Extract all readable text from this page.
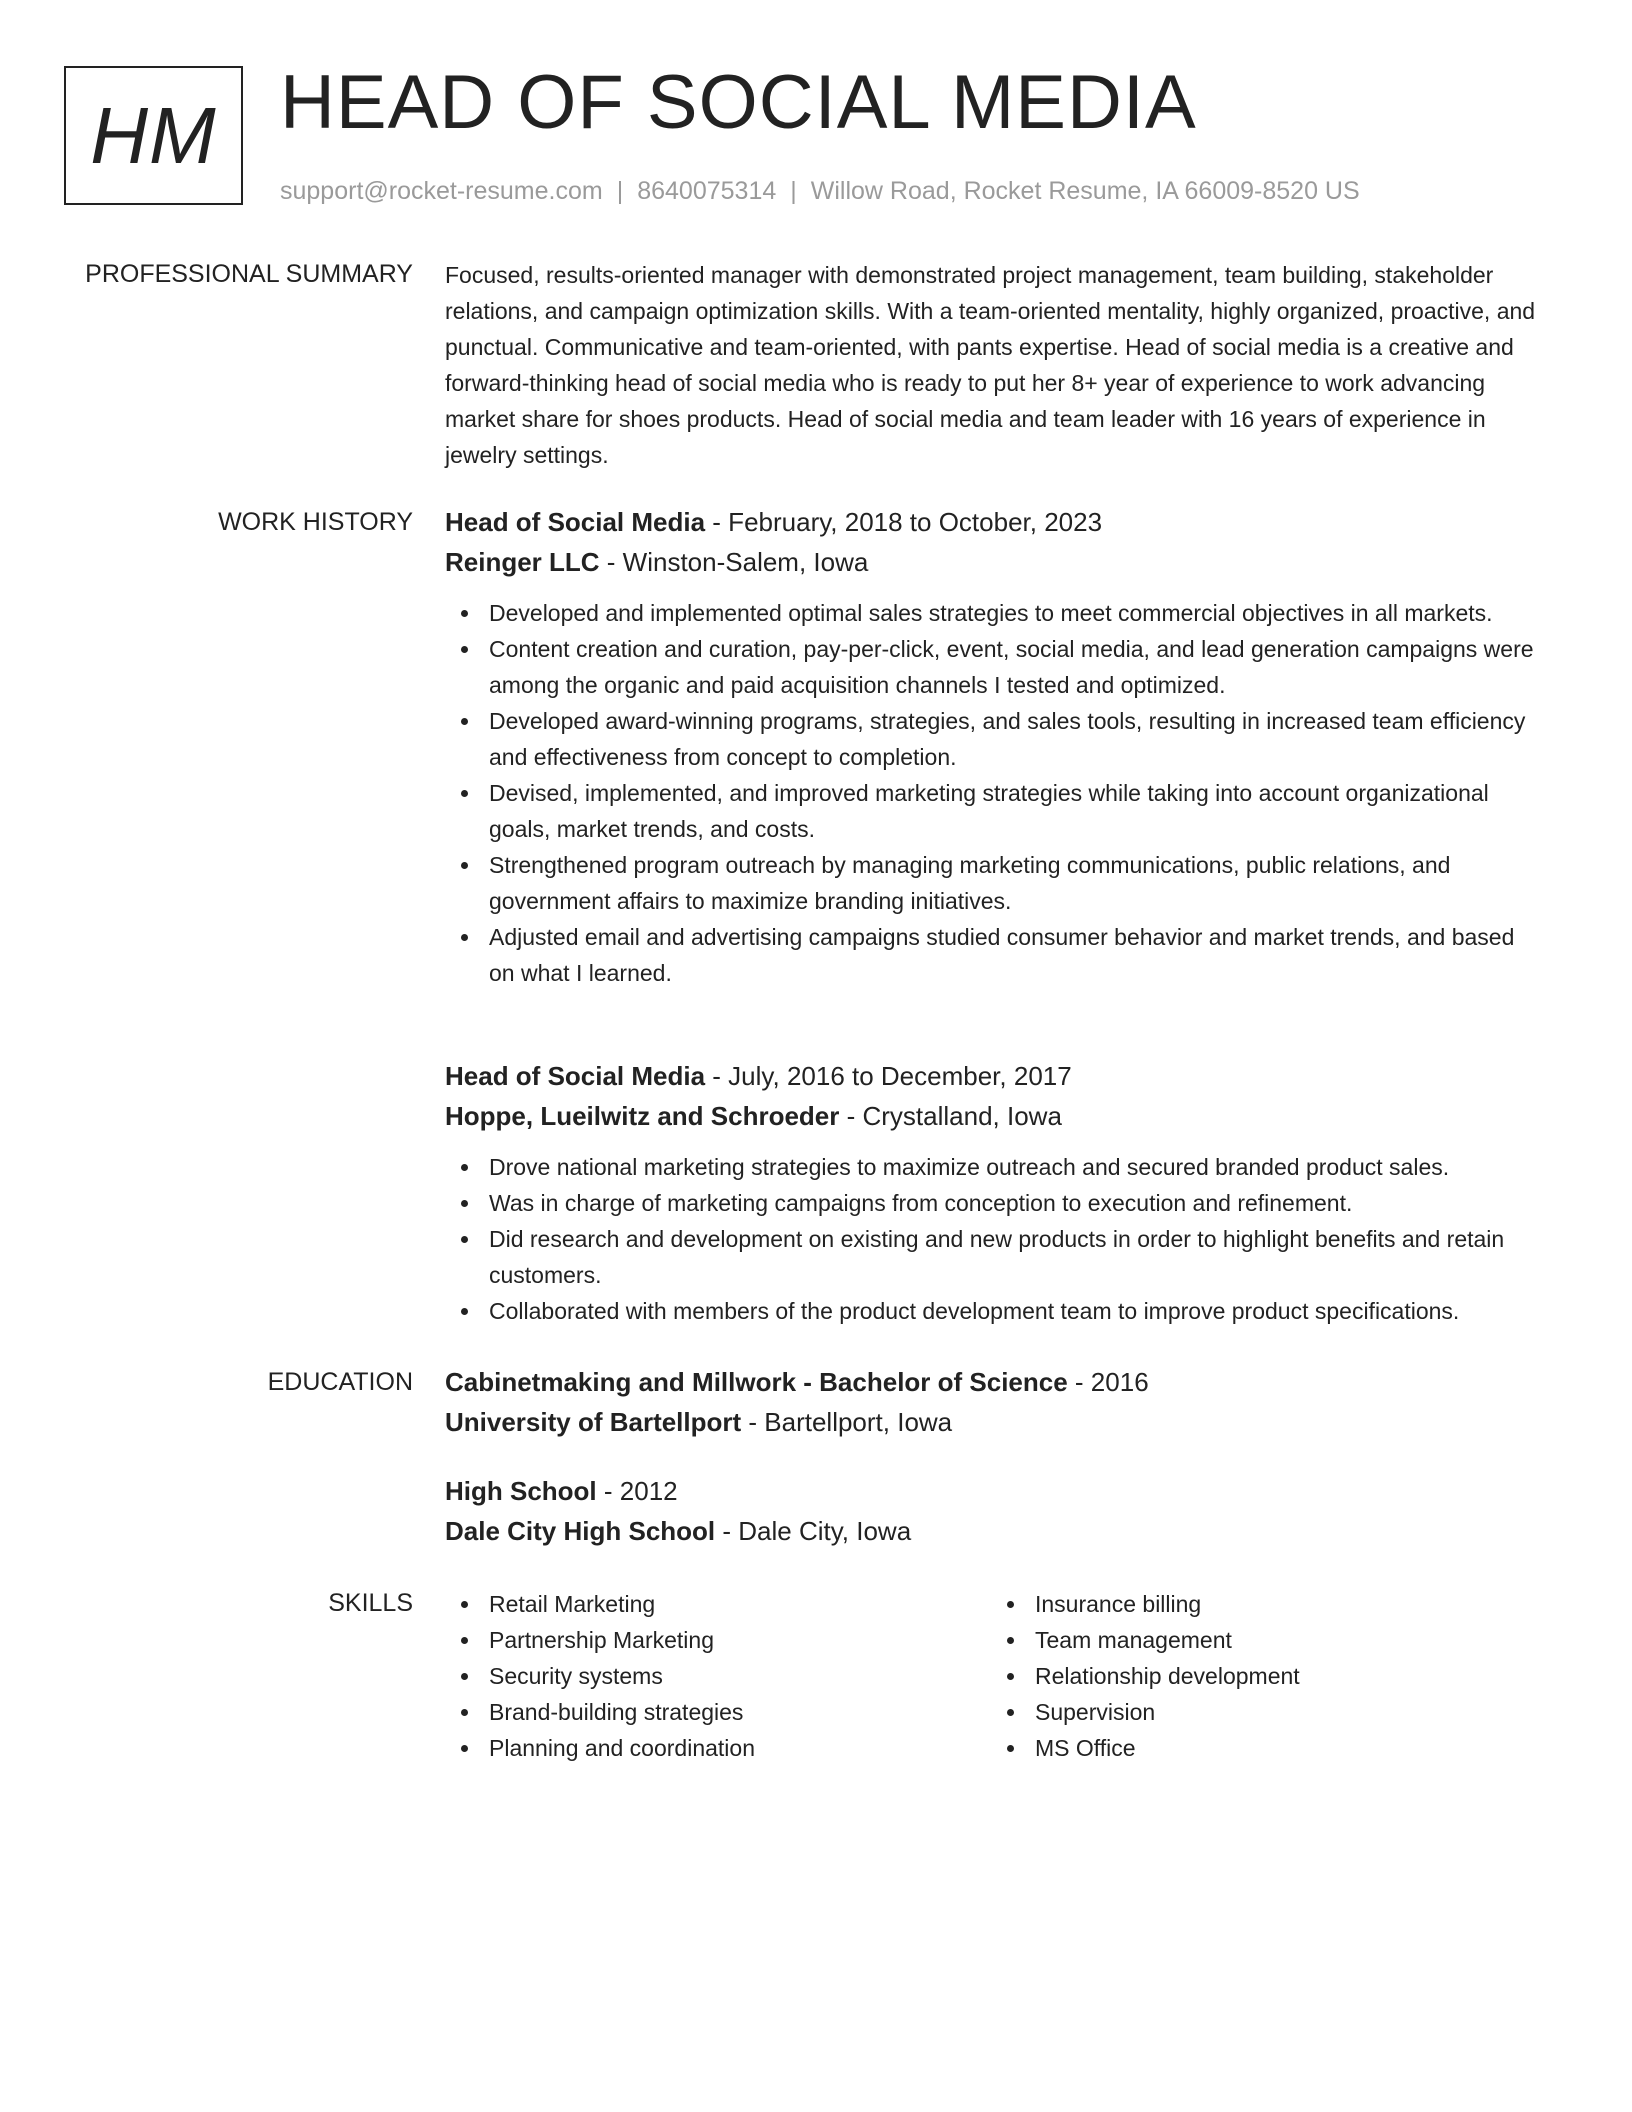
HM HEAD OF SOCIAL MEDIA
support@rocket-resume.com | 8640075314 | Willow Road, Rocket Resume, IA 66009-8520 US
PROFESSIONAL SUMMARY Focused, results-oriented manager with demonstrated project management, team building, stakeholder relations, and campaign optimization skills. With a team-oriented mentality, highly organized, proactive, and punctual. Communicative and team-oriented, with pants expertise. Head of social media is a creative and forward-thinking head of social media who is ready to put her 8+ year of experience to work advancing market share for shoes products. Head of social media and team leader with 16 years of experience in jewelry settings.

WORK HISTORY Head of Social Media - February, 2018 to October, 2023
Reinger LLC - Winston-Salem, Iowa
Developed and implemented optimal sales strategies to meet commercial objectives in all markets.
Content creation and curation, pay-per-click, event, social media, and lead generation campaigns were among the organic and paid acquisition channels I tested and optimized.
Developed award-winning programs, strategies, and sales tools, resulting in increased team efficiency and effectiveness from concept to completion.
Devised, implemented, and improved marketing strategies while taking into account organizational goals, market trends, and costs.
Strengthened program outreach by managing marketing communications, public relations, and government affairs to maximize branding initiatives.
Adjusted email and advertising campaigns studied consumer behavior and market trends, and based on what I learned.
Head of Social Media - July, 2016 to December, 2017
Hoppe, Lueilwitz and Schroeder - Crystalland, Iowa
Drove national marketing strategies to maximize outreach and secured branded product sales.
Was in charge of marketing campaigns from conception to execution and refinement.
Did research and development on existing and new products in order to highlight benefits and retain customers.
Collaborated with members of the product development team to improve product specifications.
EDUCATION Cabinetmaking and Millwork - Bachelor of Science - 2016
University of Bartellport - Bartellport, Iowa
High School - 2012
Dale City High School - Dale City, Iowa
SKILLS	Retail Marketing
Partnership Marketing
Security systems
Brand-building strategies
Planning and coordination
Insurance billing
Team management
Relationship development
Supervision
MS Office
